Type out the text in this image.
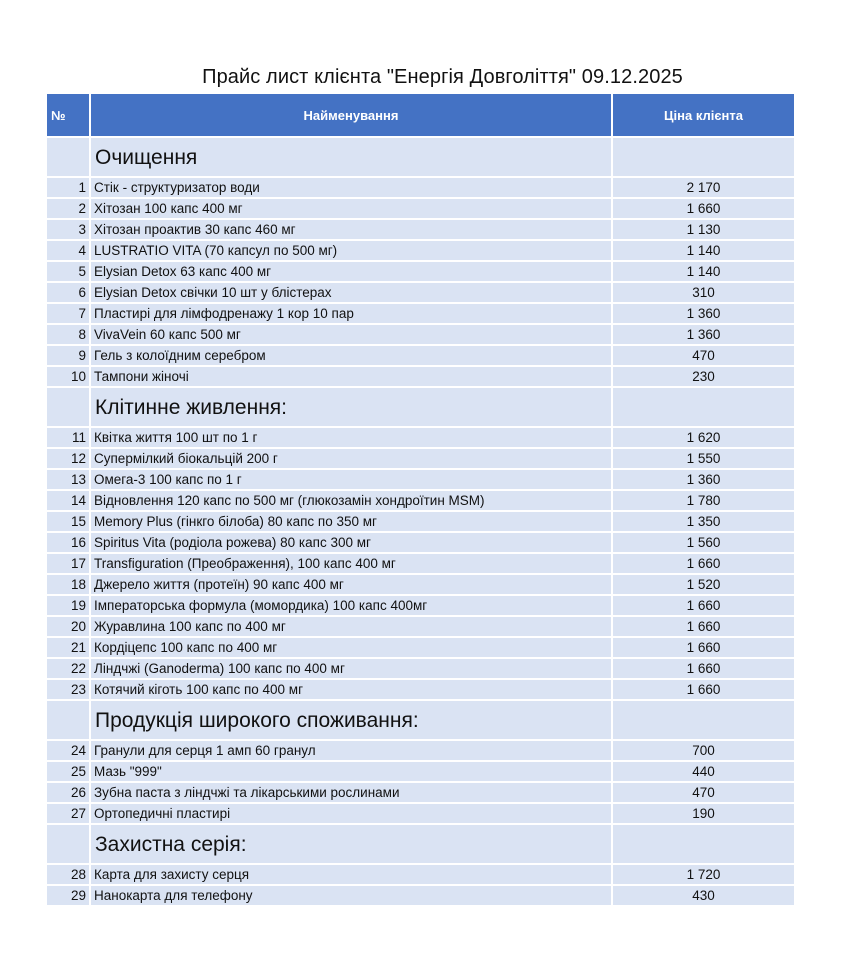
Прайс лист клієнта "Енергія Довголіття" 09.12.2025
№	Найменування	Ціна клієнта
	Очищення	
1	Стік - структуризатор води	2 170
2	Хітозан 100 капс 400 мг	1 660
3	Хітозан проактив 30 капс 460 мг	1 130
4	LUSTRATIO VITA (70 капсул по 500 мг)	1 140
5	Elysian Detox 63 капс 400 мг	1 140
6	Elysian Detox свічки 10 шт у блістерах	310
7	Пластирі для лімфодренажу 1 кор 10 пар	1 360
8	VivaVein 60 капс 500 мг	1 360
9	Гель з колоїдним серебром	470
10	Тампони жіночі	230
	Клітинне живлення:	
11	Квітка життя 100 шт по 1 г	1 620
12	Супермілкий біокальцій 200 г	1 550
13	Омега-3 100 капс по 1 г	1 360
14	Відновлення 120 капс по 500 мг (глюкозамін хондроїтин MSM)	1 780
15	Memory Plus (гінкго білоба) 80 капс по 350 мг	1 350
16	Spiritus Vita (родіола рожева) 80 капс 300 мг	1 560
17	Transfiguration (Преображення), 100 капс 400 мг	1 660
18	Джерело життя (протеїн) 90 капс 400 мг	1 520
19	Імператорська формула (момордика) 100 капс 400мг	1 660
20	Журавлина 100 капс по 400 мг	1 660
21	Кордіцепс 100 капс по 400 мг	1 660
22	Ліндчжі (Ganoderma) 100 капс по 400 мг	1 660
23	Котячий кіготь 100 капс по 400 мг	1 660
	Продукція широкого споживання:	
24	Гранули для серця 1 амп 60 гранул	700
25	Мазь "999"	440
26	Зубна паста з ліндчжі та лікарськими рослинами	470
27	Ортопедичні пластирі	190
	Захистна серія:	
28	Карта для захисту серця	1 720
29	Нанокарта для телефону	430
